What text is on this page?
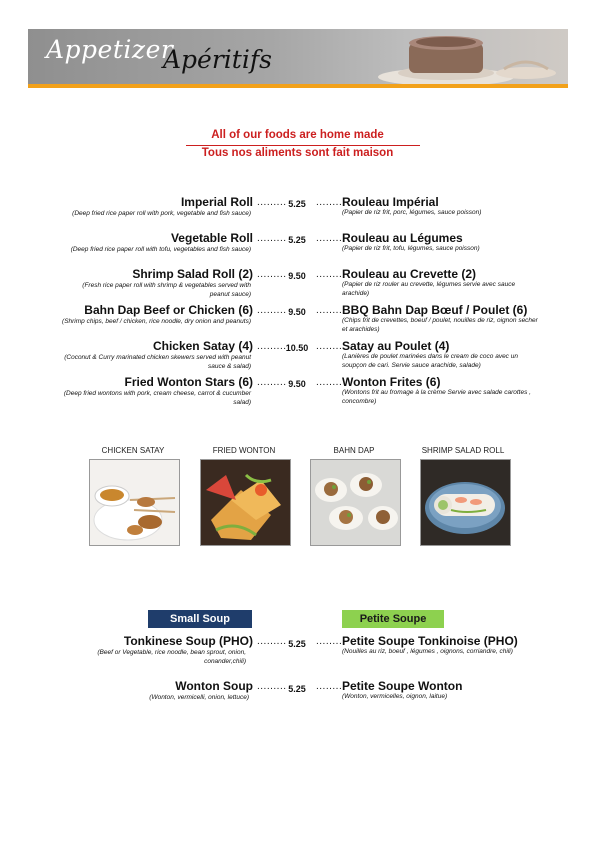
Appetizer
Apéritifs
All of our foods are home made
Tous nos aliments sont fait maison
Imperial Roll
(Deep fried rice paper roll with pork, vegetable and fish sauce)
......... 5.25	........ Rouleau Impérial
(Papier de riz frit, porc, légumes, sauce poisson)
Vegetable Roll
(Deep fried rice paper roll with tofu, vegetables and fish sauce)
......... 5.25	........ Rouleau au Légumes
(Papier de riz frit, tofu, légumes, sauce poisson)
Shrimp Salad Roll (2)
(Fresh rice paper roll with shrimp & vegetables served with peanut sauce)
......... 9.50	........ Rouleau au Crevette (2)
(Papier de riz rouler au crevette, légumes servie avec sauce arachide)
Bahn Dap Beef or Chicken (6)
(Shrimp chips, beef / chicken, rice noodle, dry onion and peanuts)
......... 9.50	........ BBQ Bahn Dap Bœuf / Poulet (6)
(Chips frit de crevettes, boeuf / poulet, nouilles de riz, oignon secher et arachides)
Chicken Satay (4)
(Coconut & Curry marinated chicken skewers served with peanut sauce & salad)
......... 10.50 ........ Satay au Poulet (4)
(Lanières de poulet marinées dans le cream de coco avec un soupçon de cari. Servie sauce arachide, salade)
Fried Wonton Stars (6)
(Deep fried wontons with pork, cream cheese, carrot & cucumber salad)
......... 9.50	........ Wonton Frites (6)
(Wontons frit au fromage à la crème Servie avec salade carottes , concombre)
CHICKEN SATAY	FRIED WONTON	BAHN DAP	SHRIMP SALAD ROLL
Small Soup	Petite Soupe
Tonkinese Soup (PHO)
(Beef or Vegetable, rice noodle, bean sprout, onion, conander,chili)
......... 5.25	........ Petite Soupe Tonkinoise (PHO)
(Nouilles au riz, boeuf , légumes , oignons, corriandre, chili)
Wonton Soup
(Wonton, vermicelli, onion, lettuce)
......... 5.25	........ Petite Soupe Wonton
(Wonton, vermicelles, oignon, laitue)
